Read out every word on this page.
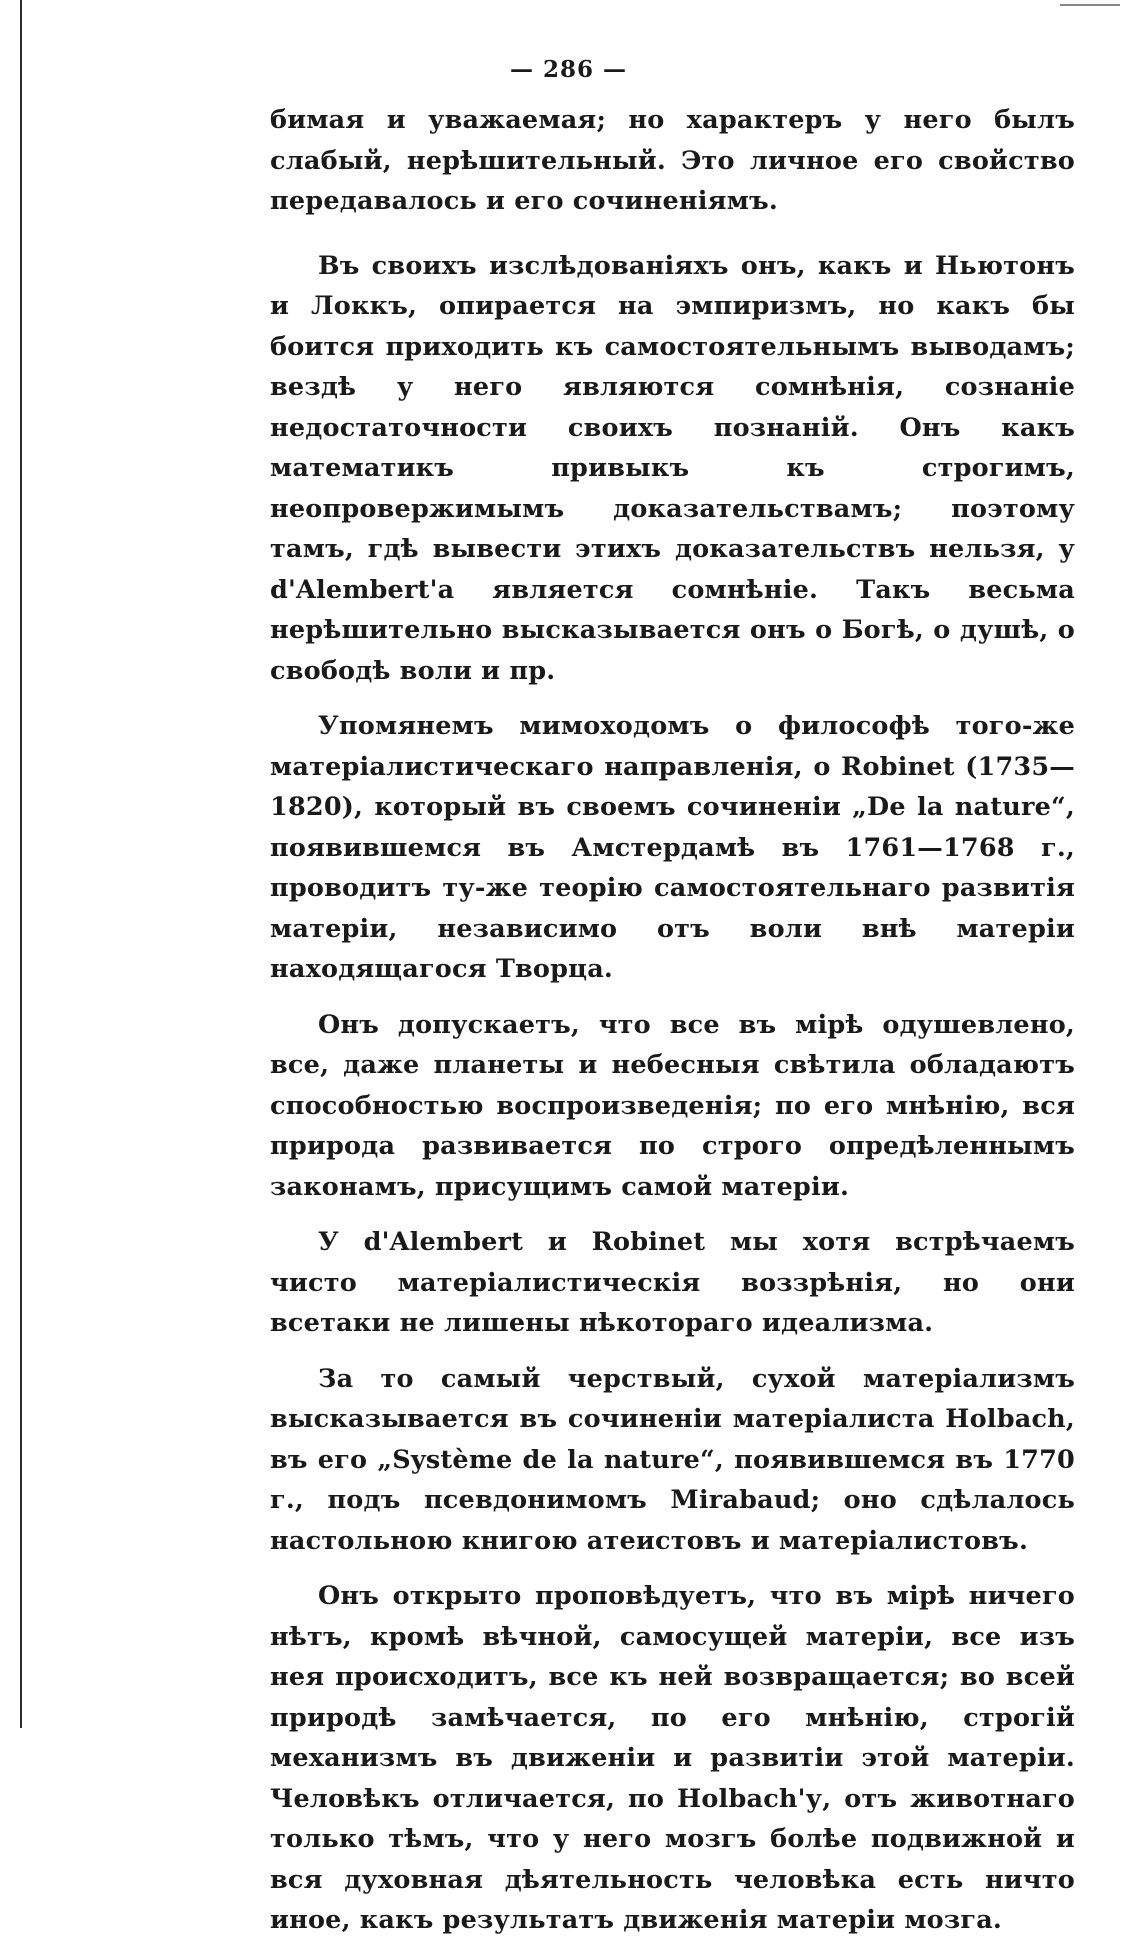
— 286 —

бимая и уважаемая; но характеръ у него былъ слабый, нерѣшительный. Это личное его свойство передавалось и его сочиненіямъ.

Въ своихъ изслѣдованіяхъ онъ, какъ и Ньютонъ и Локкъ, опирается на эмпиризмъ, но какъ бы боится приходить къ самостоятельнымъ выводамъ; вездѣ у него являются сомнѣнія, сознаніе недостаточности своихъ познаній. Онъ какъ математикъ привыкъ къ строгимъ, неопровержимымъ доказательствамъ; поэтому тамъ, гдѣ вывести этихъ доказательствъ нельзя, у d'Alembert'а является сомнѣніе. Такъ весьма нерѣшительно высказывается онъ о Богѣ, о душѣ, о свободѣ воли и пр.

Упомянемъ мимоходомъ о философѣ того-же матеріалистическаго направленія, о Robinet (1735—1820), который въ своемъ сочиненіи „De la nature“, появившемся въ Амстердамѣ въ 1761—1768 г., проводитъ ту-же теорію самостоятельнаго развитія матеріи, независимо отъ воли внѣ матеріи находящагося Творца.

Онъ допускаетъ, что все въ мірѣ одушевлено, все, даже планеты и небесныя свѣтила обладаютъ способностью воспроизведенія; по его мнѣнію, вся природа развивается по строго опредѣленнымъ законамъ, присущимъ самой матеріи.

У d'Alembert и Robinet мы хотя встрѣчаемъ чисто матеріалистическія воззрѣнія, но они всетаки не лишены нѣкотораго идеализма.

За то самый черствый, сухой матеріализмъ высказывается въ сочиненіи матеріалиста Holbach, въ его „Système de la nature“, появившемся въ 1770 г., подъ псевдонимомъ Mirabaud; оно сдѣлалось настольною книгою атеистовъ и матеріалистовъ.

Онъ открыто проповѣдуетъ, что въ мірѣ ничего нѣтъ, кромѣ вѣчной, самосущей матеріи, все изъ нея происходитъ, все къ ней возвращается; во всей природѣ замѣчается, по его мнѣнію, строгій механизмъ въ движеніи и развитіи этой матеріи. Человѣкъ отличается, по Holbach'у, отъ животнаго только тѣмъ, что у него мозгъ болѣе подвижной и вся духовная дѣятельность человѣка есть ничто иное, какъ результатъ движенія матеріи мозга.
